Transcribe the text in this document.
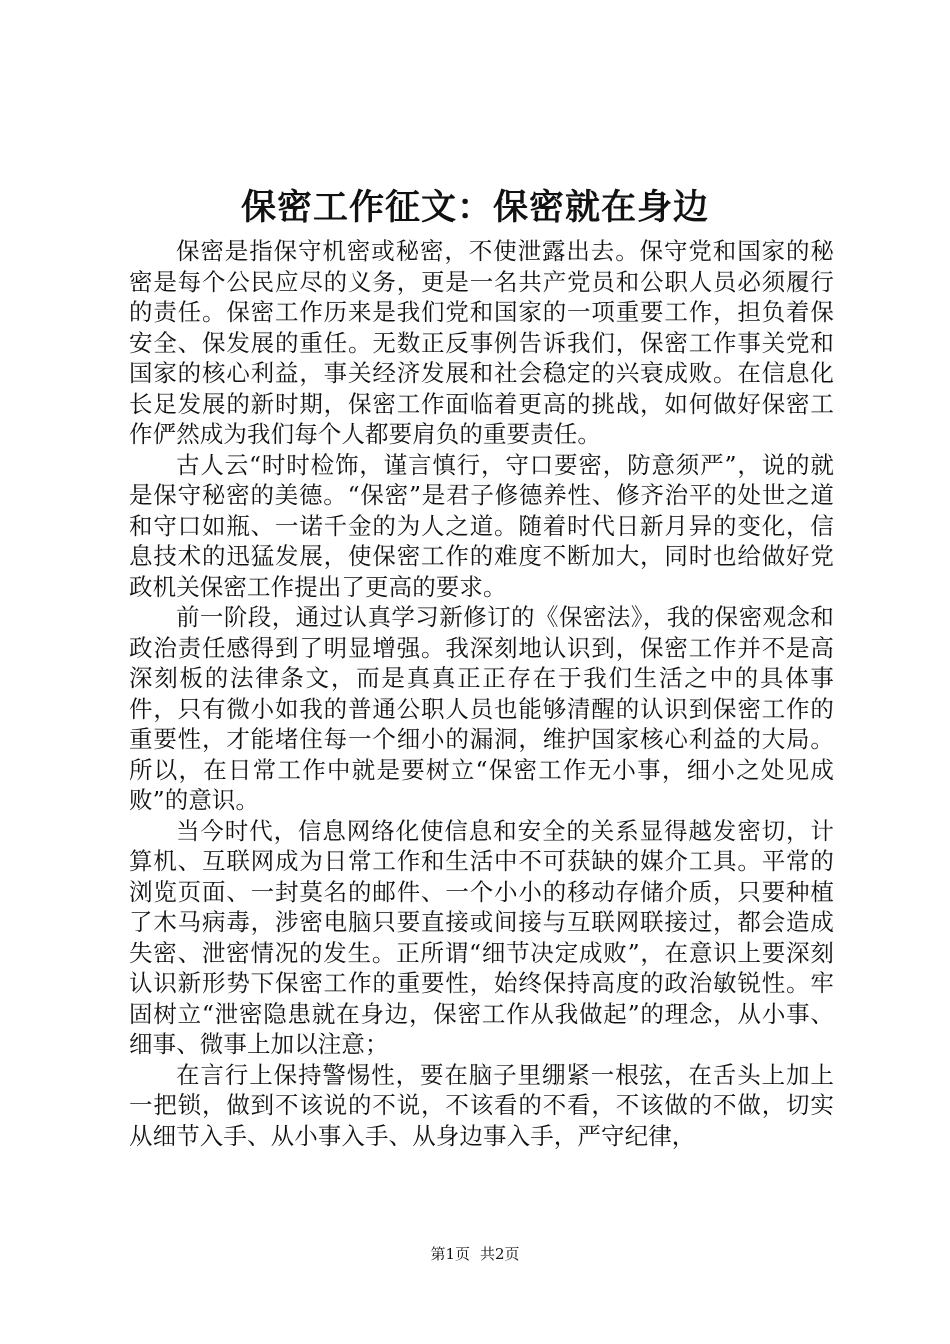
保密工作征文：保密就在身边

保密是指保守机密或秘密，不使泄露出去。保守党和国家的秘密是每个公民应尽的义务，更是一名共产党员和公职人员必须履行的责任。保密工作历来是我们党和国家的一项重要工作，担负着保安全、保发展的重任。无数正反事例告诉我们，保密工作事关党和国家的核心利益，事关经济发展和社会稳定的兴衰成败。在信息化长足发展的新时期，保密工作面临着更高的挑战，如何做好保密工作俨然成为我们每个人都要肩负的重要责任。

古人云“时时检饰，谨言慎行，守口要密，防意须严”，说的就是保守秘密的美德。“保密”是君子修德养性、修齐治平的处世之道和守口如瓶、一诺千金的为人之道。随着时代日新月异的变化，信息技术的迅猛发展，使保密工作的难度不断加大，同时也给做好党政机关保密工作提出了更高的要求。

前一阶段，通过认真学习新修订的《保密法》，我的保密观念和政治责任感得到了明显增强。我深刻地认识到，保密工作并不是高深刻板的法律条文，而是真真正正存在于我们生活之中的具体事件，只有微小如我的普通公职人员也能够清醒的认识到保密工作的重要性，才能堵住每一个细小的漏洞，维护国家核心利益的大局。所以，在日常工作中就是要树立“保密工作无小事，细小之处见成败”的意识。

当今时代，信息网络化使信息和安全的关系显得越发密切，计算机、互联网成为日常工作和生活中不可获缺的媒介工具。平常的浏览页面、一封莫名的邮件、一个小小的移动存储介质，只要种植了木马病毒，涉密电脑只要直接或间接与互联网联接过，都会造成失密、泄密情况的发生。正所谓“细节决定成败”，在意识上要深刻认识新形势下保密工作的重要性，始终保持高度的政治敏锐性。牢固树立“泄密隐患就在身边，保密工作从我做起”的理念，从小事、细事、微事上加以注意；

在言行上保持警惕性，要在脑子里绷紧一根弦，在舌头上加上一把锁，做到不该说的不说，不该看的不看，不该做的不做，切实从细节入手、从小事入手、从身边事入手，严守纪律，

第1页 共2页
